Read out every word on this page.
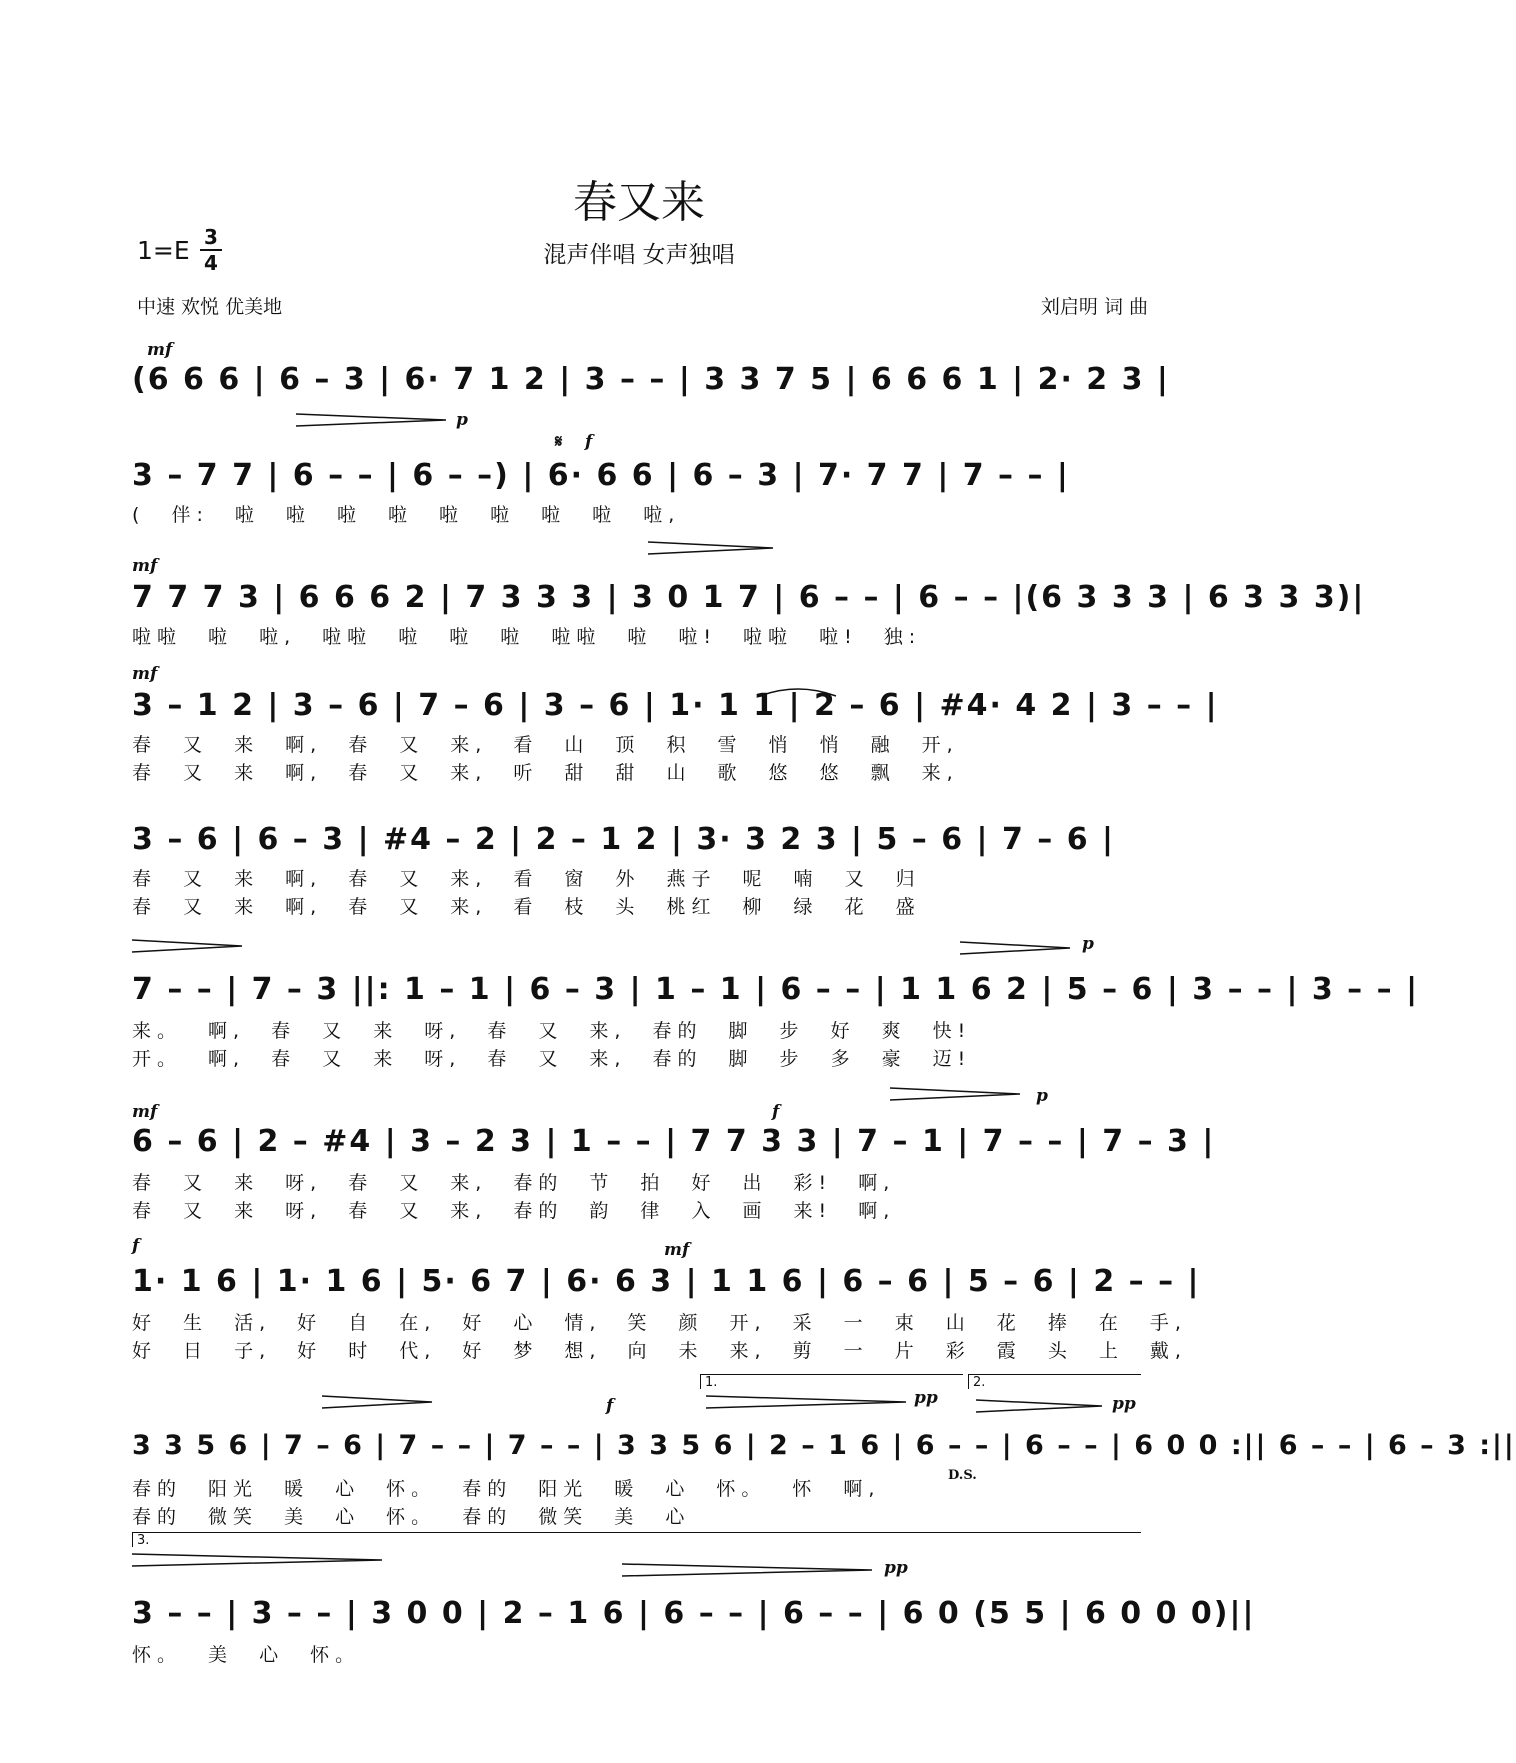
春又来
混声伴唱 女声独唱
1=E 3
4
中速 欢悦 优美地	刘启明 词 曲
mf
(6 6 6 | 6 – 3 | 6· 7 1 2 | 3 – – | 3 3 7 5 | 6 6 6 1 | 2· 2 3 |
p
𝄋 f
3 – 7 7 | 6 – – | 6 – –) | 6· 6 6 | 6 – 3 | 7· 7 7 | 7 – – |
( 伴: 啦 啦 啦 啦 啦 啦 啦 啦 啦,
mf
7 7 7 3 | 6 6 6 2 | 7 3 3 3 | 3 0 1 7 | 6 – – | 6 – – |(6 3 3 3 | 6 3 3 3)|
啦啦 啦 啦, 啦啦 啦 啦 啦 啦啦 啦 啦! 啦啦 啦! 独:
mf
3 – 1 2 | 3 – 6 | 7 – 6 | 3 – 6 | 1· 1 1 | 2 – 6 | #4· 4 2 | 3 – – |
春 又 来 啊, 春 又 来, 看 山 顶 积 雪 悄 悄 融 开,
春 又 来 啊, 春 又 来, 听 甜 甜 山 歌 悠 悠 飘 来,
3 – 6 | 6 – 3 | #4 – 2 | 2 – 1 2 | 3· 3 2 3 | 5 – 6 | 7 – 6 |
春 又 来 啊, 春 又 来, 看 窗 外 燕子 呢 喃 又 归
春 又 来 啊, 春 又 来, 看 枝 头 桃红 柳 绿 花 盛
p
7 – – | 7 – 3 ||: 1 – 1 | 6 – 3 | 1 – 1 | 6 – – | 1 1 6 2 | 5 – 6 | 3 – – | 3 – – |
来。 啊, 春 又 来 呀, 春 又 来, 春的 脚 步 好 爽 快!
开。 啊, 春 又 来 呀, 春 又 来, 春的 脚 步 多 豪 迈!
mf
p
f
6 – 6 | 2 – #4 | 3 – 2 3 | 1 – – | 7 7 3 3 | 7 – 1 | 7 – – | 7 – 3 |
春 又 来 呀, 春 又 来, 春的 节 拍 好 出 彩! 啊,
春 又 来 呀, 春 又 来, 春的 韵 律 入 画 来! 啊,
f	mf
1· 1 6 | 1· 1 6 | 5· 6 7 | 6· 6 3 | 1 1 6 | 6 – 6 | 5 – 6 | 2 – – |
好 生 活, 好 自 在, 好 心 情, 笑 颜 开, 采 一 束 山 花 捧 在 手,
好 日 子, 好 时 代, 好 梦 想, 向 未 来, 剪 一 片 彩 霞 头 上 戴,
1.	2.
pp	pp
f
3 3 5 6 | 7 – 6 | 7 – – | 7 – – | 3 3 5 6 | 2 – 1 6 | 6 – – | 6 – – | 6 0 0 :|| 6 – – | 6 – 3 :||
D.S.
春的 阳光 暖 心 怀。 春的 阳光 暖 心 怀。 怀 啊,
春的 微笑 美 心 怀。 春的 微笑 美 心
3.
pp
3 – – | 3 – – | 3 0 0 | 2 – 1 6 | 6 – – | 6 – – | 6 0 (5 5 | 6 0 0 0)||
怀。 美 心 怀。
